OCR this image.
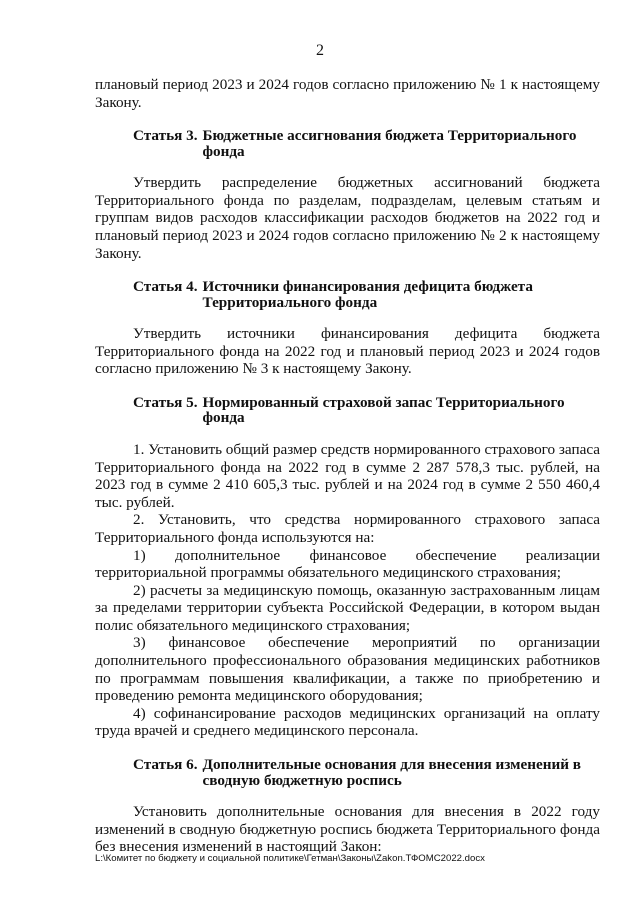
2

плановый период 2023 и 2024 годов согласно приложению № 1 к настоящему Закону.

Статья 3. Бюджетные ассигнования бюджета Территориального фонда

Утвердить распределение бюджетных ассигнований бюджета Территориального фонда по разделам, подразделам, целевым статьям и группам видов расходов классификации расходов бюджетов на 2022 год и плановый период 2023 и 2024 годов согласно приложению № 2 к настоящему Закону.

Статья 4. Источники финансирования дефицита бюджета Территориального фонда

Утвердить источники финансирования дефицита бюджета Территориального фонда на 2022 год и плановый период 2023 и 2024 годов согласно приложению № 3 к настоящему Закону.

Статья 5. Нормированный страховой запас Территориального фонда

1. Установить общий размер средств нормированного страхового запаса Территориального фонда на 2022 год в сумме 2 287 578,3 тыс. рублей, на 2023 год в сумме 2 410 605,3 тыс. рублей и на 2024 год в сумме 2 550 460,4 тыс. рублей.

2. Установить, что средства нормированного страхового запаса Территориального фонда используются на:

1) дополнительное финансовое обеспечение реализации территориальной программы обязательного медицинского страхования;

2) расчеты за медицинскую помощь, оказанную застрахованным лицам за пределами территории субъекта Российской Федерации, в котором выдан полис обязательного медицинского страхования;

3) финансовое обеспечение мероприятий по организации дополнительного профессионального образования медицинских работников по программам повышения квалификации, а также по приобретению и проведению ремонта медицинского оборудования;

4) софинансирование расходов медицинских организаций на оплату труда врачей и среднего медицинского персонала.

Статья 6. Дополнительные основания для внесения изменений в сводную бюджетную роспись

Установить дополнительные основания для внесения в 2022 году изменений в сводную бюджетную роспись бюджета Территориального фонда без внесения изменений в настоящий Закон:

L:\Комитет по бюджету и социальной политике\Гетман\Законы\Zakon.ТФОМС2022.docx
